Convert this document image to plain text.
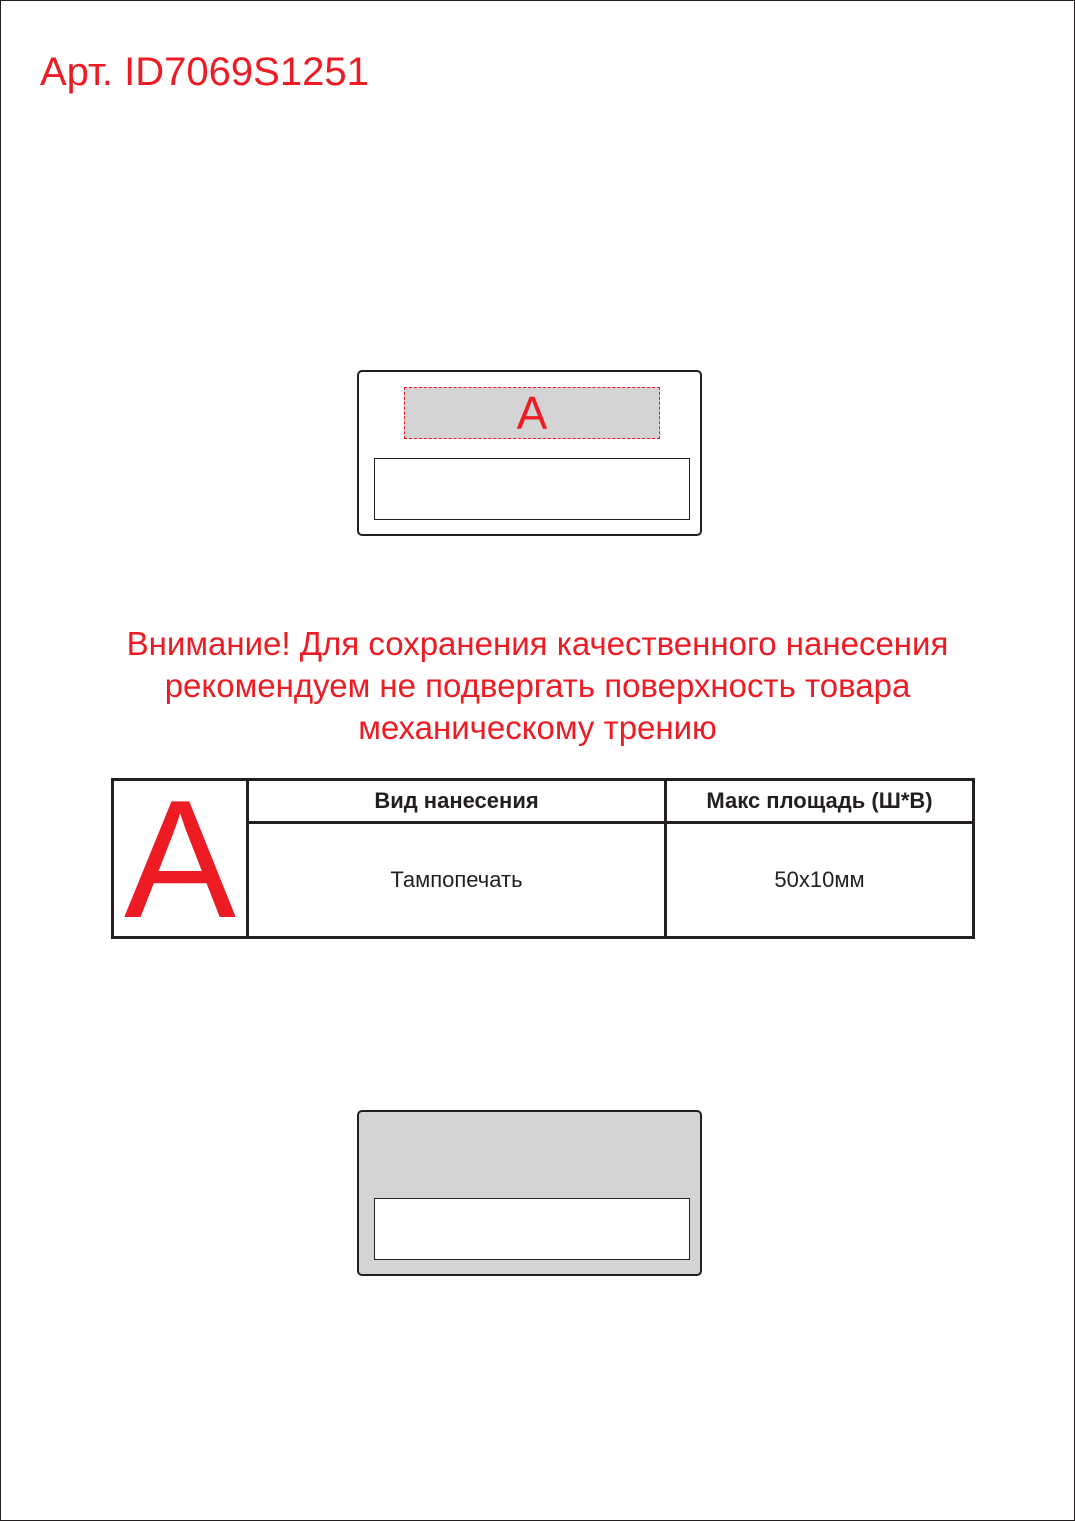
Арт. ID7069S1251
А
Внимание! Для сохранения качественного нанесения
рекомендуем не подвергать поверхность товара
механическому трению
А	Вид нанесения	Макс площадь (Ш*В)
	Тампопечать	50х10мм
